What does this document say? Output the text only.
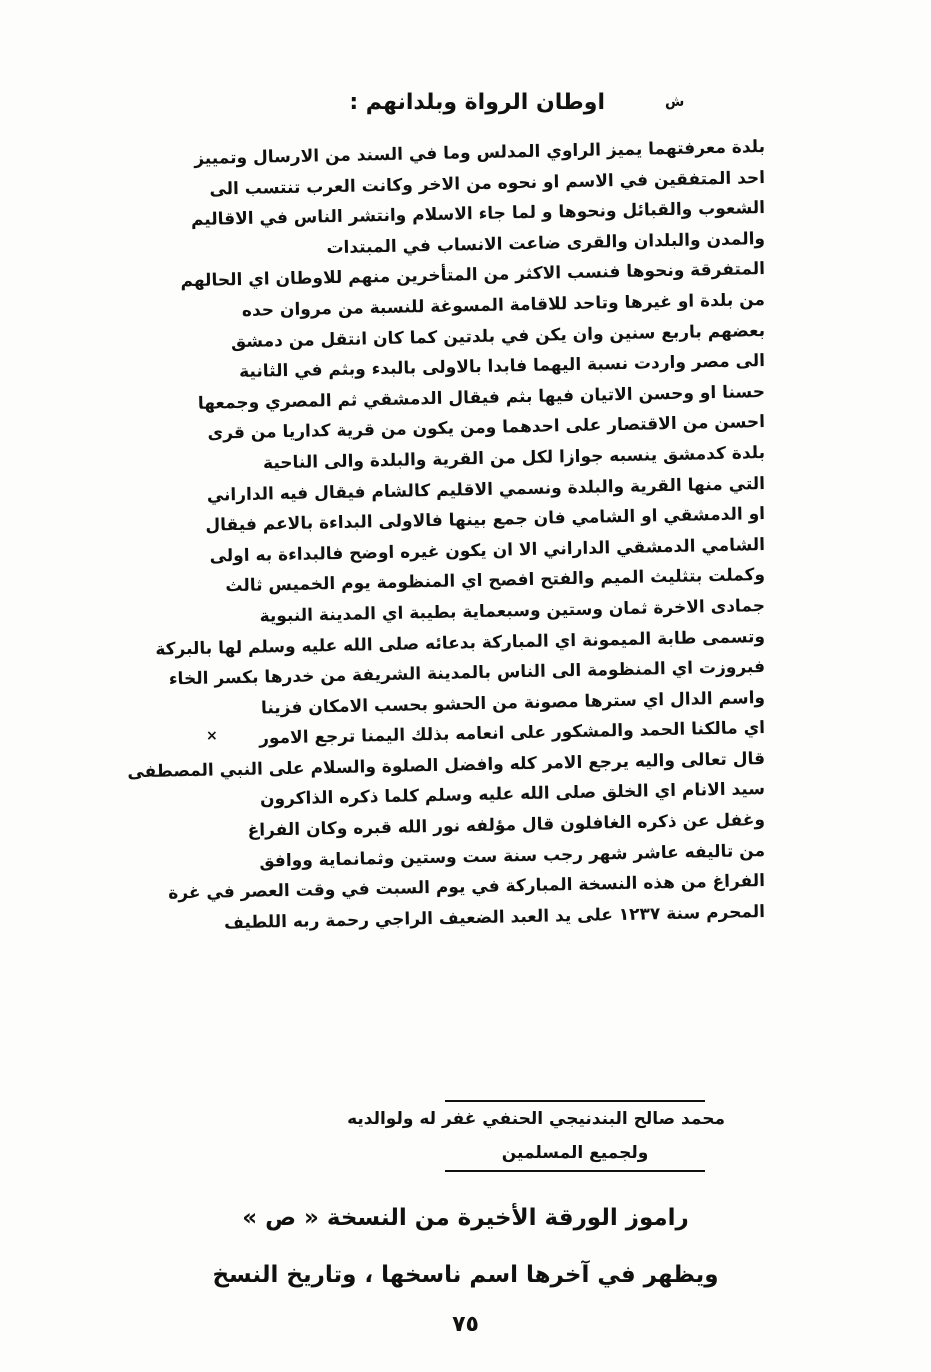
اوطان الرواة وبلدانهم :
بلدة معرفتهما يميز الراوي المدلس وما في السند من الارسال وتمييز
احد المتفقين في الاسم او نحوه من الاخر وكانت العرب تنتسب الى
الشعوب والقبائل ونحوها و لما جاء الاسلام وانتشر الناس في الاقاليم
والمدن والبلدان والقرى ضاعت الانساب في المبتدات
المتفرقة ونحوها فنسب الاكثر من المتأخرين منهم للاوطان اي الحالهم
من بلدة او غيرها وتاحد للاقامة المسوغة للنسبة من مروان حده
بعضهم باربع سنين وان يكن في بلدتين كما كان انتقل من دمشق
الى مصر واردت نسبة اليهما فابدا بالاولى بالبدء وبثم في الثانية
حسنا او وحسن الاتيان فيها بثم فيقال الدمشقي ثم المصري وجمعها
احسن من الاقتصار على احدهما ومن يكون من قرية كداريا من قرى
بلدة كدمشق ينسبه جوازا لكل من القرية والبلدة والى الناحية
التي منها القرية والبلدة ونسمي الاقليم كالشام فيقال فيه الداراني
او الدمشقي او الشامي فان جمع بينها فالاولى البداءة بالاعم فيقال
الشامي الدمشقي الداراني الا ان يكون غيره اوضح فالبداءة به اولى
وكملت بتثليث الميم والفتح افصح اي المنظومة يوم الخميس ثالث
جمادى الاخرة ثمان وستين وسبعماية بطيبة اي المدينة النبوية
وتسمى طابة الميمونة اي المباركة بدعائه صلى الله عليه وسلم لها بالبركة
فبروزت اي المنظومة الى الناس بالمدينة الشريفة من خدرها بكسر الخاء
واسم الدال اي سترها مصونة من الحشو بحسب الامكان فزينا
اي مالكنا الحمد والمشكور على انعامه بذلك اليمنا ترجع الامور
قال تعالى واليه يرجع الامر كله وافضل الصلوة والسلام على النبي المصطفى
سيد الانام اي الخلق صلى الله عليه وسلم كلما ذكره الذاكرون
وغفل عن ذكره الغافلون قال مؤلفه نور الله قبره وكان الفراغ
من تاليفه عاشر شهر رجب سنة ست وستين وثمانماية ووافق
الفراغ من هذه النسخة المباركة في يوم السبت في وقت العصر في غرة
المحرم سنة ١٢٣٧ على يد العبد الضعيف الراجي رحمة ربه اللطيف
محمد صالح البندنيجي الحنفي غفر له ولوالديه
ولجميع المسلمين
×
ش
راموز الورقة الأخيرة من النسخة « ص »
ويظهر في آخرها اسم ناسخها ، وتاريخ النسخ
٧٥
